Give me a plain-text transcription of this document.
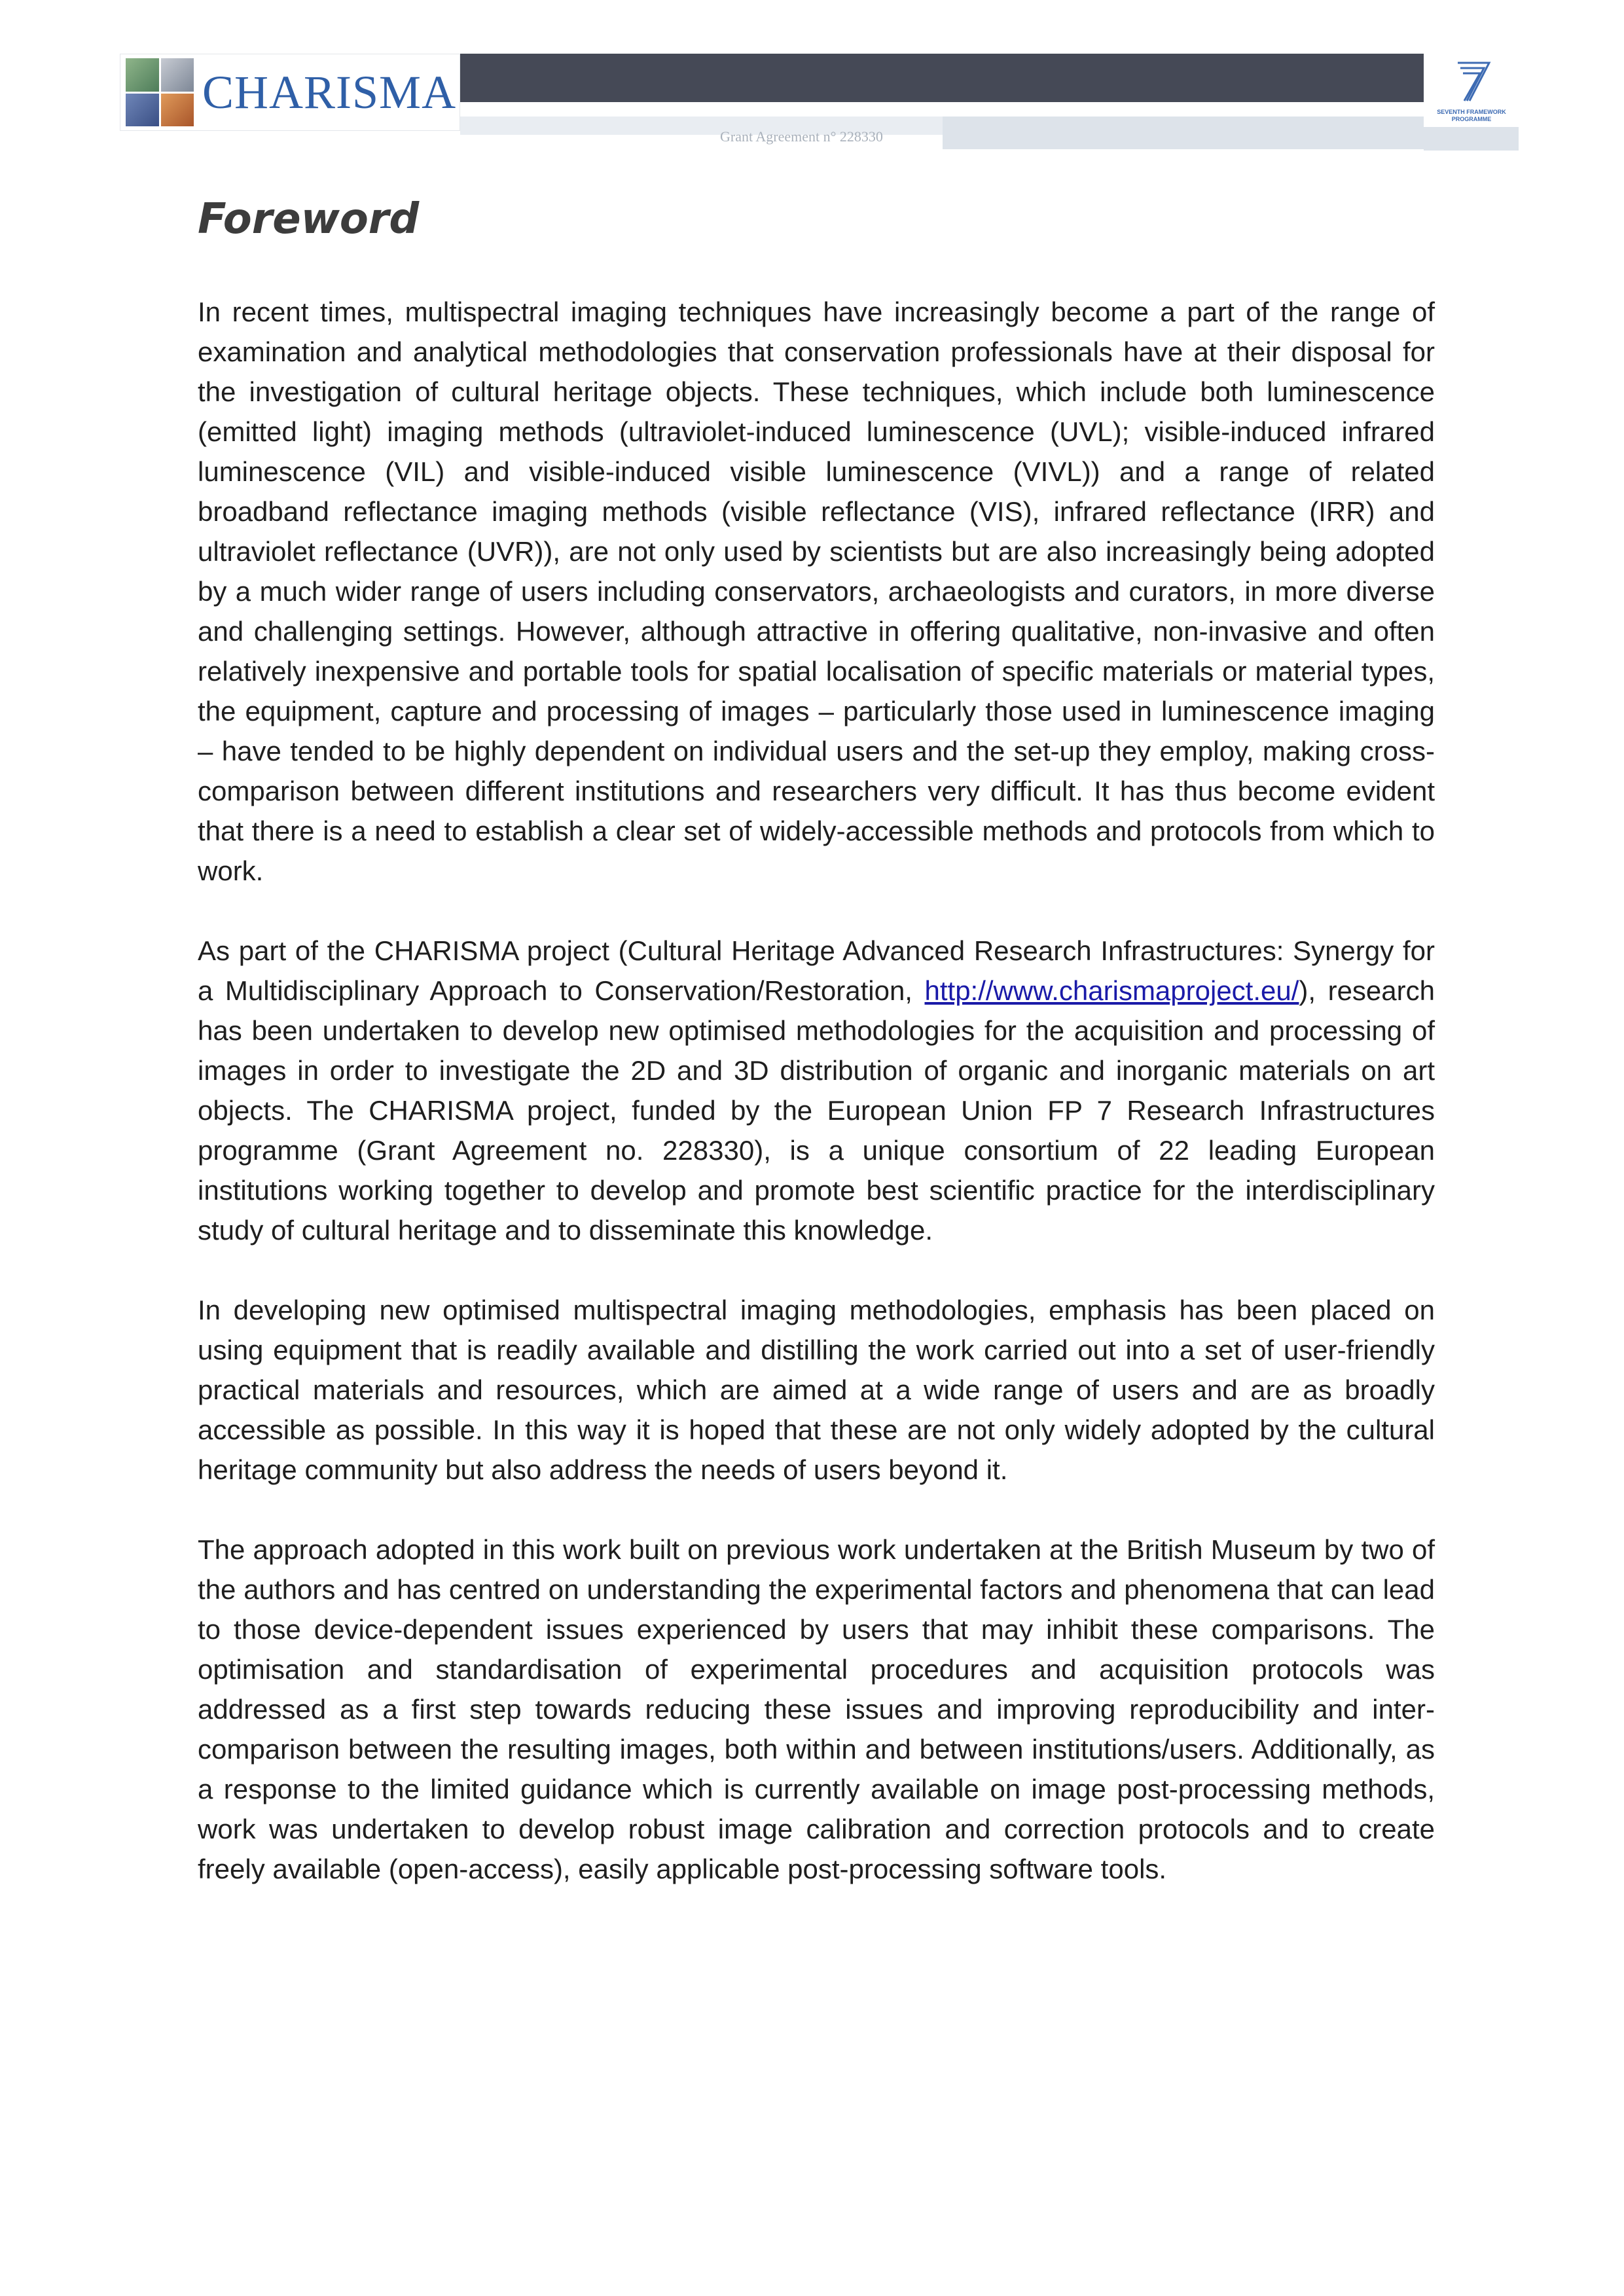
CHARISMA
Grant Agreement n° 228330
7
SEVENTH FRAMEWORK PROGRAMME
Foreword

In recent times, multispectral imaging techniques have increasingly become a part of the range of examination and analytical methodologies that conservation professionals have at their disposal for the investigation of cultural heritage objects. These techniques, which include both luminescence (emitted light) imaging methods (ultraviolet-induced luminescence (UVL); visible-induced infrared luminescence (VIL) and visible-induced visible luminescence (VIVL)) and a range of related broadband reflectance imaging methods (visible reflectance (VIS), infrared reflectance (IRR) and ultraviolet reflectance (UVR)), are not only used by scientists but are also increasingly being adopted by a much wider range of users including conservators, archaeologists and curators, in more diverse and challenging settings. However, although attractive in offering qualitative, non-invasive and often relatively inexpensive and portable tools for spatial localisation of specific materials or material types, the equipment, capture and processing of images – particularly those used in luminescence imaging – have tended to be highly dependent on individual users and the set-up they employ, making cross-comparison between different institutions and researchers very difficult. It has thus become evident that there is a need to establish a clear set of widely-accessible methods and protocols from which to work.

As part of the CHARISMA project (Cultural Heritage Advanced Research Infrastructures: Synergy for a Multidisciplinary Approach to Conservation/Restoration, http://www.charismaproject.eu/), research has been undertaken to develop new optimised methodologies for the acquisition and processing of images in order to investigate the 2D and 3D distribution of organic and inorganic materials on art objects. The CHARISMA project, funded by the European Union FP 7 Research Infrastructures programme (Grant Agreement no. 228330), is a unique consortium of 22 leading European institutions working together to develop and promote best scientific practice for the interdisciplinary study of cultural heritage and to disseminate this knowledge.

In developing new optimised multispectral imaging methodologies, emphasis has been placed on using equipment that is readily available and distilling the work carried out into a set of user-friendly practical materials and resources, which are aimed at a wide range of users and are as broadly accessible as possible. In this way it is hoped that these are not only widely adopted by the cultural heritage community but also address the needs of users beyond it.

The approach adopted in this work built on previous work undertaken at the British Museum by two of the authors and has centred on understanding the experimental factors and phenomena that can lead to those device-dependent issues experienced by users that may inhibit these comparisons. The optimisation and standardisation of experimental procedures and acquisition protocols was addressed as a first step towards reducing these issues and improving reproducibility and inter-comparison between the resulting images, both within and between institutions/users. Additionally, as a response to the limited guidance which is currently available on image post-processing methods, work was undertaken to develop robust image calibration and correction protocols and to create freely available (open-access), easily applicable post-processing software tools.
